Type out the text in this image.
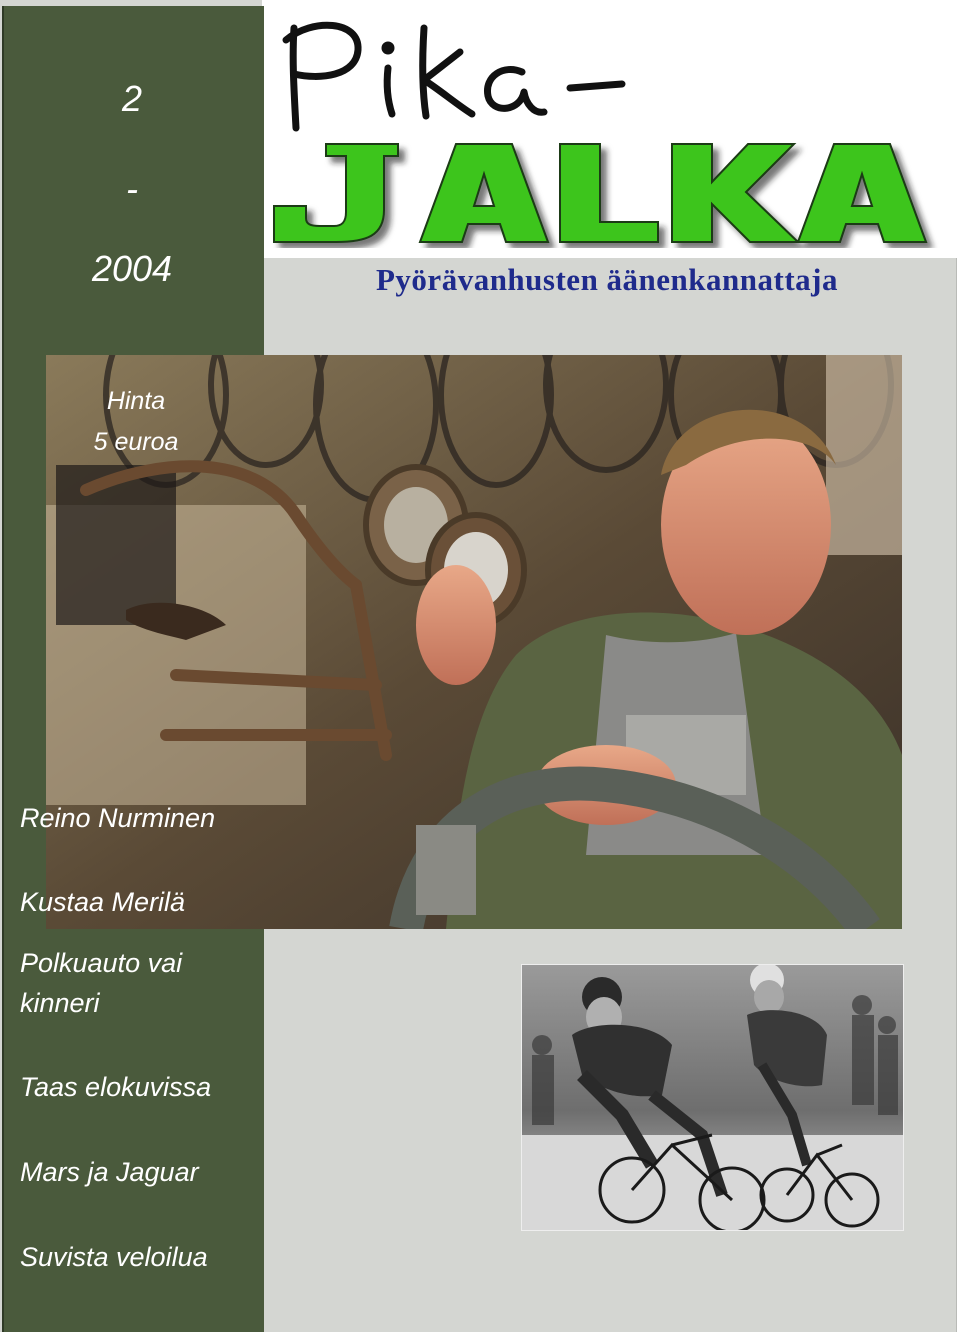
2
-
2004	Pyörävanhusten äänenkannattaja
Hinta
5 euroa
Reino Nurminen
Kustaa Merilä
Polkuauto vai
kinneri
Taas elokuvissa
Mars ja Jaguar
Suvista veloilua
